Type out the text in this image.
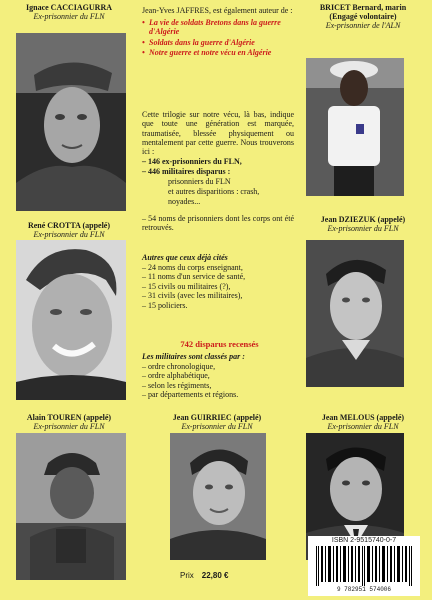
Ignace CACCIAGURRA
Ex-prisonnier du FLN
BRICET Bernard, marin
(Engagé volontaire)
Ex-prisonnier de l'ALN
René CROTTA (appelé)
Ex-prisonnier du FLN
Jean DZIEZUK (appelé)
Ex-prisonnier du FLN
Alain TOUREN (appelé)
Ex-prisonnier du FLN
Jean GUIRRIEC (appelé)
Ex-prisonnier du FLN
Jean MELOUS (appelé)
Ex-prisonnier du FLN
Jean-Yves JAFFRES, est également auteur de :
• La vie de soldats Bretons dans la guerre d'Algérie
• Soldats dans la guerre d'Algérie
• Notre guerre et notre vécu en Algérie
Cette trilogie sur notre vécu, là bas, indique que toute une génération est marquée, traumatisée, blessée physiquement ou mentalement par cette guerre. Nous trouverons ici :
– 146 ex-prisonniers du FLN,
– 446 militaires disparus :
prisonniers du FLN
et autres disparitions : crash,
noyades...
– 54 noms de prisonniers dont les corps ont été retrouvés.
Autres que ceux déjà cités
– 24 noms du corps enseignant,
– 11 noms d'un service de santé,
– 15 civils ou militaires (?),
– 31 civils (avec les militaires),
– 15 policiers.
742 disparus recensés
Les militaires sont classés par :
– ordre chronologique,
– ordre alphabétique,
– selon les régiments,
– par départements et régions.
Prix 22,80 €
ISBN 2-9515740-0-7
9 782951 574006
